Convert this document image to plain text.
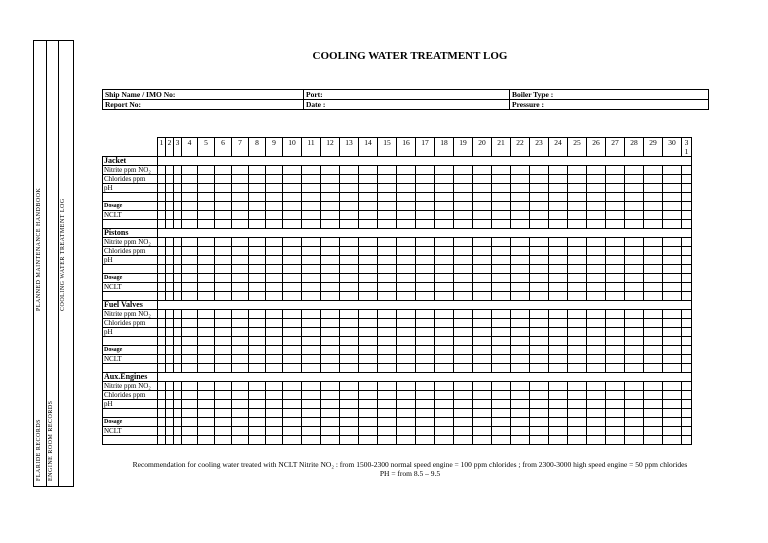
FLARIDE RECORDS ENGINE ROOM RECORDS
PLANNED MAINTENANCE HANDBOOK	COOLING WATER TREATMENT LOG
COOLING WATER TREATMENT LOG
Ship Name / IMO No:	Port:	Boiler Type :
Report No:	Date :	Pressure :
	1	2	3	4	5	6	7	8	9	10	11	12	13	14	15	16	17	18	19	20	21	22	23	24	25	26	27	28	29	30	3 1
Jacket																															
Nitrite ppm NO₂																															
Chlorides ppm																															
pH																															

Dosage																															
NCLT																															

Pistons																															
Nitrite ppm NO₂																															
Chlorides ppm																															
pH																															

Dosage																															
NCLT																															

Fuel Valves																															
Nitrite ppm NO₂																															
Chlorides ppm																															
pH																															

Dosage																															
NCLT																															

Aux.Engines																															
Nitrite ppm NO₂																															
Chlorides ppm																															
pH																															

Dosage																															
NCLT																															

Recommendation for cooling water treated with NCLT Nitrite NO₂ : from 1500-2300 normal speed engine = 100 ppm chlorides ; from 2300-3000 high speed engine = 50 ppm chlorides
PH = from 8.5 – 9.5
